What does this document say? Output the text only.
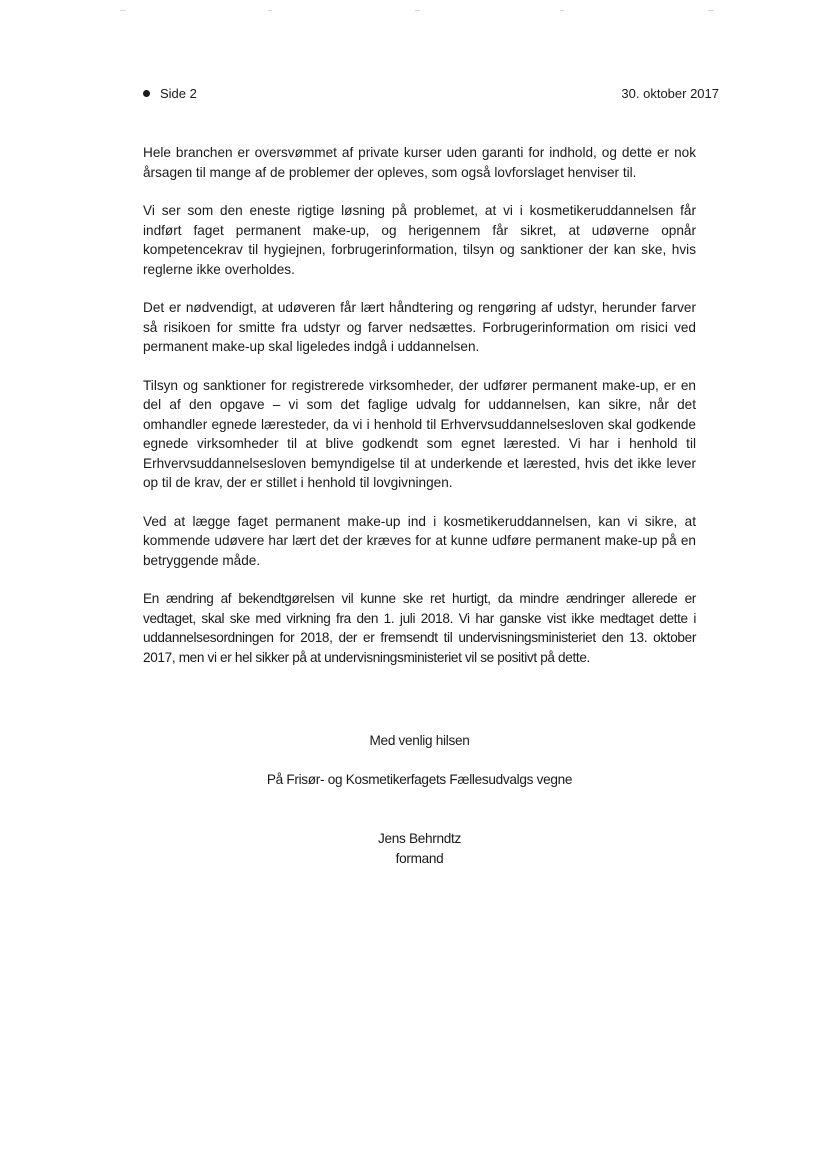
Side 2	30. oktober 2017

Hele branchen er oversvømmet af private kurser uden garanti for indhold, og dette er nok årsagen til mange af de problemer der opleves, som også lovforslaget henviser til.

Vi ser som den eneste rigtige løsning på problemet, at vi i kosmetikeruddannelsen får indført faget permanent make-up, og herigennem får sikret, at udøverne opnår kompetencekrav til hygiejnen, forbrugerinformation, tilsyn og sanktioner der kan ske, hvis reglerne ikke overholdes.

Det er nødvendigt, at udøveren får lært håndtering og rengøring af udstyr, herunder farver så risikoen for smitte fra udstyr og farver nedsættes. Forbrugerinformation om risici ved permanent make-up skal ligeledes indgå i uddannelsen.

Tilsyn og sanktioner for registrerede virksomheder, der udfører permanent make-up, er en del af den opgave – vi som det faglige udvalg for uddannelsen, kan sikre, når det omhandler egnede læresteder, da vi i henhold til Erhvervsuddannelsesloven skal godkende egnede virksomheder til at blive godkendt som egnet lærested. Vi har i henhold til Erhvervsuddannelsesloven bemyndigelse til at underkende et lærested, hvis det ikke lever op til de krav, der er stillet i henhold til lovgivningen.

Ved at lægge faget permanent make-up ind i kosmetikeruddannelsen, kan vi sikre, at kommende udøvere har lært det der kræves for at kunne udføre permanent make-up på en betryggende måde.

En ændring af bekendtgørelsen vil kunne ske ret hurtigt, da mindre ændringer allerede er vedtaget, skal ske med virkning fra den 1. juli 2018. Vi har ganske vist ikke medtaget dette i uddannelsesordningen for 2018, der er fremsendt til undervisningsministeriet den 13. oktober 2017, men vi er hel sikker på at undervisningsministeriet vil se positivt på dette.

Med venlig hilsen
På Frisør- og Kosmetikerfagets Fællesudvalgs vegne
Jens Behrndtz
formand
